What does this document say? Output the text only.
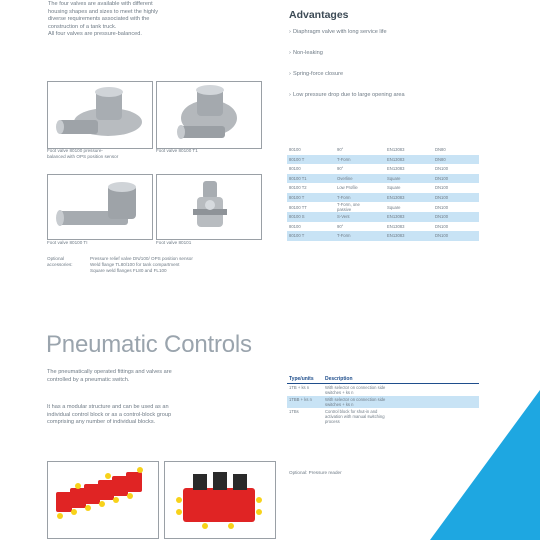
The four valves are available with different
housing shapes and sizes to meet the highly
diverse requirements associated with the
construction of a tank truck.
All four valves are pressure-balanced.
Foot valve 80100 pressure-
balanced with OPS position sensor
Foot valve 80100 T1
Foot valve 80100 TI	Foot valve 80101
Optional
accessories:
Pressure relief valve DN/100/ OPS position sensor
Weld flange TL80/100 for tank compartment
Square weld flanges FL80 and FL100
Advantages
› Diaphragm valve with long service life
› Non-leaking
› Spring-force closure
› Low pressure drop due to large opening area
80100	90°	EN13083	DN80
80100 T	T-Form	EN13083	DN80
80100	90°	EN13083	DN100
80100 T1	Overline	Square	DN100
80100 T2	Low Profile	Square	DN100
80100 T	T-Form	EN13083	DN100
80100 TT	T-Form, one
passive	Square	DN100
80100 S	S-Vent	EN13083	DN100
80100	90°	EN13083	DN100
80100 T	T-Form	EN13083	DN100
Pneumatic Controls
The pneumatically operated fittings and valves are
controlled by a pneumatic switch.
It has a modular structure and can be used as an
individual control block or as a control-block group
comprising any number of individual blocks.
Type/units	Description
1TB + ks n	With selector on connection side
switches + ks n
1TBB + ks n	With selector on connection side
switches + ks n
1TBs	Control block for shut-in and
activation with manual switching
process
Optional: Pressure reader
